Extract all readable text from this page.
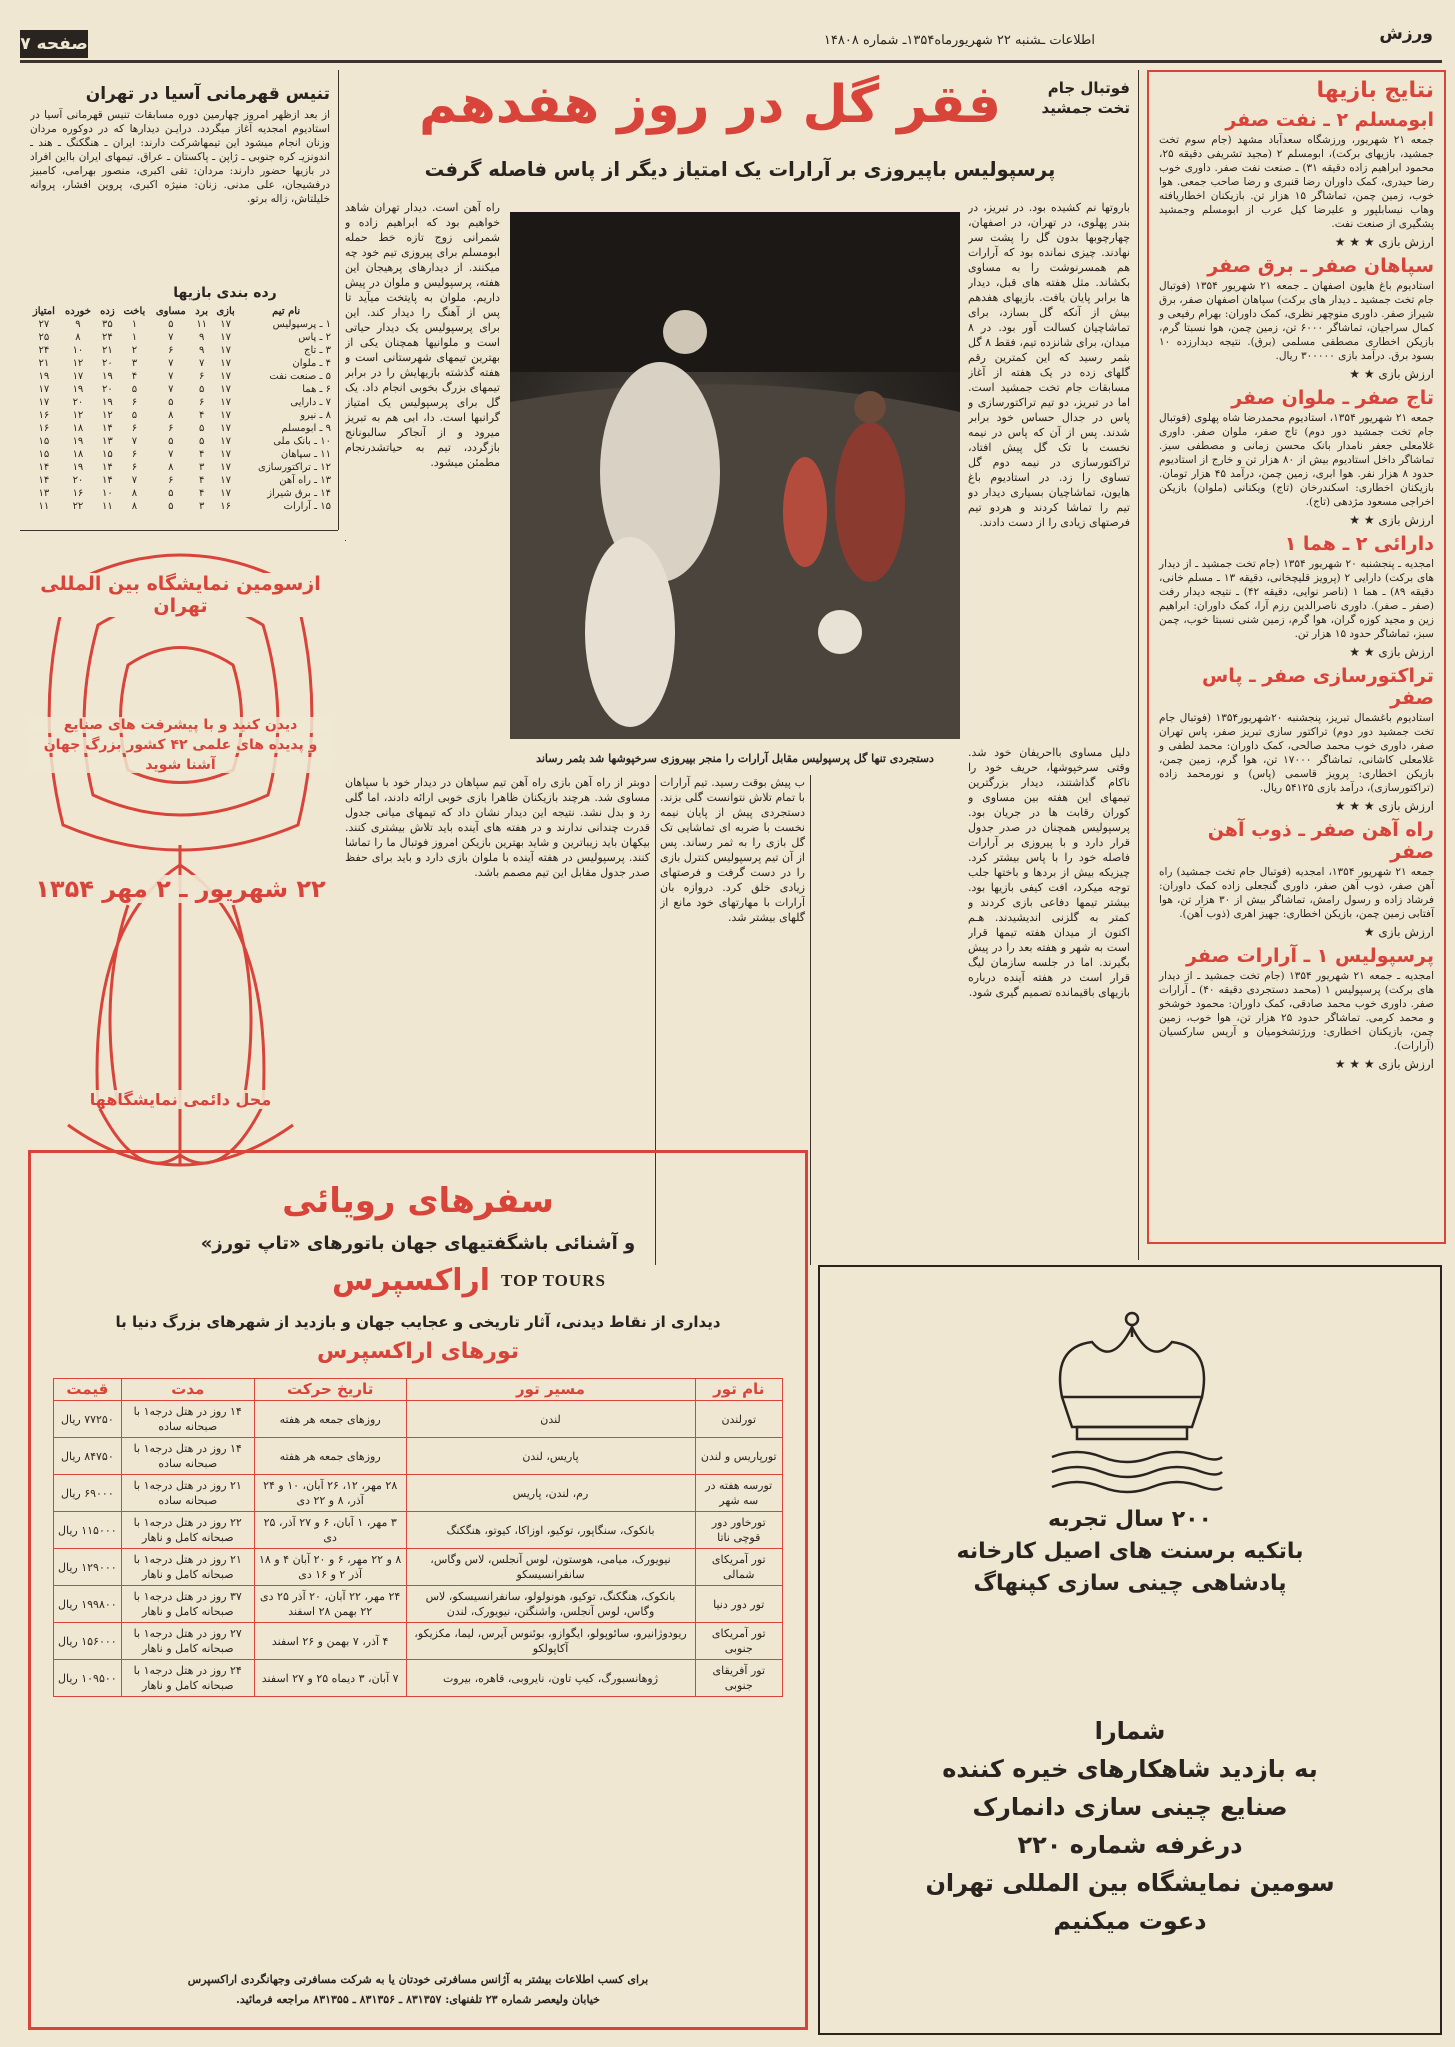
ورزش
اطلاعات ـشنبه ۲۲ شهریورماه۱۳۵۴ـ شماره ۱۴۸۰۸
صفحه ۷
نتایج بازیها
ابومسلم ۲ ـ نفت صفر
جمعه ۲۱ شهریور، ورزشگاه سعدآباد مشهد (جام سوم تخت جمشید، بازیهای برکت)، ابومسلم ۲ (مجید تشریفی دقیقه ۲۵، محمود ابراهیم زاده دقیقه ۳۱) ـ صنعت نفت صفر. داوری خوب رضا حیدری، کمک داوران رضا قنبری و رضا صاحب جمعی. هوا خوب، زمین چمن، تماشاگر ۱۵ هزار تن. بازیکنان اخطاریافته وهاب نیسابلپور و علیرضا کیل عرب از ابومسلم وجمشید پشگیری از صنعت نفت.
ارزش بازی ★ ★ ★
سپاهان صفر ـ برق صفر
استادیوم باغ هایون اصفهان ـ جمعه ۲۱ شهریور ۱۳۵۴ (فوتبال جام تخت جمشید ـ دیدار های برکت) سپاهان اصفهان صفر، برق شیراز صفر. داوری منوچهر نظری، کمک داوران: بهرام رفیعی و کمال سراجیان، تماشاگر ۶۰۰۰ تن، زمین چمن، هوا نسبتا گرم، بازیکن اخطاری مصطفی مسلمی (برق). نتیجه دیدارزده ۱۰ بسود برق. درآمد بازی ۳۰۰۰۰۰ ریال.
ارزش بازی ★ ★
تاج صفر ـ ملوان صفر
جمعه ۲۱ شهریور ۱۳۵۴، استادیوم محمدرضا شاه پهلوی (فوتبال جام تخت جمشید دور دوم) تاج صفر، ملوان صفر. داوری غلامعلی جعفر نامدار بانک محسن زمانی و مصطفی سیز. تماشاگر داخل استادیوم بیش از ۸۰ هزار تن و خارج از استادیوم حدود ۸ هزار نفر. هوا ابری، زمین چمن، درآمد ۴۵ هزار تومان. بازیکنان اخطاری: اسکندرخان (تاج) ویکنانی (ملوان) بازیکن اخراجی مسعود مژدهی (تاج).
ارزش بازی ★ ★
دارائی ۲ ـ هما ۱
امجدیه ـ پنجشنبه ۲۰ شهریور ۱۳۵۴ (جام تخت جمشید ـ از دیدار های برکت) دارایی ۲ (پرویز قلیچخانی، دقیقه ۱۳ ـ مسلم خانی، دقیقه ۸۹) ـ هما ۱ (ناصر نوایی، دقیقه ۴۲) ـ نتیجه دیدار رفت (صفر ـ صفر). داوری ناصرالدین رزم آرا، کمک داوران: ابراهیم زین و مجید کوزه گران، هوا گرم، زمین شنی نسبتا خوب، چمن سبز، تماشاگر حدود ۱۵ هزار تن.
ارزش بازی ★ ★
تراکتورسازی صفر ـ پاس صفر
استادیوم باغشمال تبریز، پنجشنبه ۲۰شهریور۱۳۵۴ (فوتبال جام تخت جمشید دور دوم) تراکتور سازی تبریز صفر، پاس تهران صفر، داوری خوب محمد صالحی، کمک داوران: محمد لطفی و غلامعلی کاشانی، تماشاگر ۱۷۰۰۰ تن، هوا گرم، زمین چمن، بازیکن اخطاری: پرویز قاسمی (پاس) و نورمحمد زاده (تراکتورسازی)، درآمد بازی ۵۴۱۲۵ ریال.
ارزش بازی ★ ★ ★
راه آهن صفر ـ ذوب آهن صفر
جمعه ۲۱ شهریور ۱۳۵۴، امجدیه (فوتبال جام تخت جمشید) راه آهن صفر، ذوب آهن صفر، داوری گنجعلی زاده کمک داوران: فرشاد زاده و رسول رامش، تماشاگر بیش از ۳۰ هزار تن، هوا آفتابی زمین چمن، بازیکن اخطاری: جهیز اهری (ذوب آهن).
ارزش بازی ★
پرسپولیس ۱ ـ آرارات صفر
امجدیه ـ جمعه ۲۱ شهریور ۱۳۵۴ (جام تخت جمشید ـ از دیدار های برکت) پرسپولیس ۱ (محمد دستجردی دقیقه ۴۰) ـ آرارات صفر. داوری خوب محمد صادقی، کمک داوران: محمود خوشخو و محمد کرمی. تماشاگر حدود ۲۵ هزار تن، هوا خوب، زمین چمن، بازیکنان اخطاری: ورژتشخومیان و آریس سارکسیان (آرارات).
ارزش بازی ★ ★ ★
تنیس قهرمانی آسیا در تهران
از بعد ازظهر امروز چهارمین دوره مسابقات تنیس قهرمانی آسیا در استادیوم امجدیه آغاز میگردد. درایـن دیدارها که در دوکوره مردان وزنان انجام میشود این تیمهاشرکت دارند: ایران ـ هنگکنگ ـ هند ـ اندونزیـ کره جنوبی ـ ژاپن ـ پاکستان ـ عراق. تیمهای ایران بااین افراد در بازیها حضور دارند: مردان: تقی اکبری، منصور بهرامی، کامبیز درفشیجان، علی مدنی. زنان: منیژه اکبری، پروین افشار، پروانه خلیلتاش، زاله برتو.
رده بندی بازیها
نام تیم	بازی	برد	مساوی	باخت	زده	خورده	امتیاز
۱ ـ پرسپولیس	۱۷	۱۱	۵	۱	۳۵	۹	۲۷
۲ ـ پاس	۱۷	۹	۷	۱	۲۴	۸	۲۵
۳ ـ تاج	۱۷	۹	۶	۲	۲۱	۱۰	۲۴
۴ ـ ملوان	۱۷	۷	۷	۳	۲۰	۱۲	۲۱
۵ ـ صنعت نفت	۱۷	۶	۷	۴	۱۹	۱۷	۱۹
۶ ـ هما	۱۷	۵	۷	۵	۲۰	۱۹	۱۷
۷ ـ دارایی	۱۷	۶	۵	۶	۱۹	۲۰	۱۷
۸ ـ نیرو	۱۷	۴	۸	۵	۱۲	۱۲	۱۶
۹ ـ ابومسلم	۱۷	۵	۶	۶	۱۴	۱۸	۱۶
۱۰ ـ بانک ملی	۱۷	۵	۵	۷	۱۳	۱۹	۱۵
۱۱ ـ سپاهان	۱۷	۴	۷	۶	۱۵	۱۸	۱۵
۱۲ ـ تراکتورسازی	۱۷	۳	۸	۶	۱۴	۱۹	۱۴
۱۳ ـ راه آهن	۱۷	۴	۶	۷	۱۴	۲۰	۱۴
۱۴ ـ برق شیراز	۱۷	۴	۵	۸	۱۰	۱۶	۱۳
۱۵ ـ آرارات	۱۶	۳	۵	۸	۱۱	۲۲	۱۱
فوتبال جام تخت جمشید
فقر گل در روز هفدهم
پرسپولیس باپیروزی بر آرارات یک امتیاز دیگر از پاس فاصله گرفت
باروتها نم کشیده بود. در تبریز، در بندر پهلوی، در تهران، در اصفهان، چهارچوبها بدون گل را پشت سر نهادند. چیزی نمانده بود که آرارات هم همسرنوشت را به مساوی بکشاند. مثل هفته های قبل، دیدار ها برابر پایان یافت. بازیهای هفدهم بیش از آنکه گل بسازد، برای تماشاچیان کسالت آور بود. در ۸ میدان، برای شانزده تیم، فقط ۸ گل بثمر رسید که این کمترین رقم گلهای زده در یک هفته از آغاز مسابقات جام تخت جمشید است. اما در تبریز، دو تیم تراکتورسازی و پاس در جدال حساس خود برابر شدند. پس از آن که پاس در نیمه نخست با تک گل پیش افتاد، تراکتورسازی در نیمه دوم گل تساوی را زد. در استادیوم باغ هایون، تماشاچیان بسیاری دیدار دو تیم را تماشا کردند و هردو تیم فرصتهای زیادی را از دست دادند.
راه آهن است. دیدار تهران شاهد خواهیم بود که ابراهیم زاده و شمرانی زوج تازه خط حمله ابومسلم برای پیروزی تیم خود چه میکنند. از دیدارهای پرهیجان این هفته، پرسپولیس و ملوان در پیش داریم. ملوان به پایتخت میآید تا پس از آهنگ را دیدار کند. این برای پرسپولیس یک دیدار حیاتی است و ملوانیها همچنان یکی از بهترین تیمهای شهرستانی است و هفته گذشته بازیهایش را در برابر تیمهای بزرگ بخوبی انجام داد. یک گل برای پرسپولیس یک امتیاز گرانبها است. دا، ابی هم به تبریز میرود و از آنجاکر سالبونانج بازگردد، تیم به حیاتشدرنجام مطمئن میشود.
دستجردی تنها گل پرسپولیس مقابل آرارات را منجر بپیروزی سرخپوشها شد بثمر رساند	دلیل مساوی بااحریفان خود شد. وقتی سرخپوشها، حریف خود را ناکام گذاشتند، دیدار بزرگترین تیمهای این هفته بین مساوی و کوران رقابت ها در جریان بود. پرسپولیس همچنان در صدر جدول قرار دارد و با پیروزی بر آرارات فاصله خود را با پاس بیشتر کرد. چیزیکه بیش از بردها و باختها جلب توجه میکرد، افت کیفی بازیها بود. بیشتر تیمها دفاعی بازی کردند و کمتر به گلزنی اندیشیدند. هـم اکنون از میدان هفته تیمها قرار است به شهر و هفته بعد را در پیش بگیرند. اما در جلسه سازمان لیگ قرار است در هفته آینده درباره بازیهای باقیمانده تصمیم گیری شود.
ب پیش بوقت رسید. تیم آرارات با تمام تلاش نتوانست گلی بزند. دستجردی پیش از پایان نیمه نخست با ضربه ای تماشایی تک گل بازی را به ثمر رساند. پس از آن تیم پرسپولیس کنترل بازی را در دست گرفت و فرصتهای زیادی خلق کرد. دروازه بان آرارات با مهارتهای خود مانع از گلهای بیشتر شد.
دوبتر از راه آهن بازی راه آهن تیم سپاهان در دیدار خود با سپاهان مساوی شد. هرچند بازیکنان ظاهرا بازی خوبی ارائه دادند، اما گلی رد و بدل نشد. نتیجه این دیدار نشان داد که تیمهای میانی جدول قدرت چندانی ندارند و در هفته های آینده باید تلاش بیشتری کنند. بیکهان باید زیباترین و شاید بهترین بازیکن امروز فوتبال ما را تماشا کنند. پرسپولیس در هفته آینده با ملوان بازی دارد و باید برای حفظ صدر جدول مقابل این تیم مصمم باشد.
ازسومین نمایشگاه بین المللی تهران
دیدن کنید و با پیشرفت های صنایع
و پدیده های علمی ۴۲ کشور بزرگ جهان
آشنا شوید
۲۲ شهریور ـ ۲ مهر ۱۳۵۴
محل دائمی نمایشگاهها
سفرهای رویائی
و آشنائی باشگفتیهای جهان باتورهای «تاپ تورز»
اراکسپرس TOP TOURS
دیداری از نقاط دیدنی، آثار تاریخی و عجایب جهان و بازدید از شهرهای بزرگ دنیا با
تورهای اراکسپرس
نام تور	مسیر تور	تاریخ حرکت	مدت	قیمت
تورلندن	لندن	روزهای جمعه هر هفته	۱۴ روز در هتل درجه۱ با صبحانه ساده	۷۷۲۵۰ ریال
تورپاریس و لندن	پاریس، لندن	روزهای جمعه هر هفته	۱۴ روز در هتل درجه۱ با صبحانه ساده	۸۴۷۵۰ ریال
تورسه هفته در سه شهر	رم، لندن، پاریس	۲۸ مهر، ۱۲، ۲۶ آبان، ۱۰ و ۲۴ آذر، ۸ و ۲۲ دی	۲۱ روز در هتل درجه۱ با صبحانه ساده	۶۹۰۰۰ ریال
تورخاور دور قوچی ناتا	بانکوک، سنگاپور، توکیو، اوزاکا، کیوتو، هنگکنگ	۳ مهر، ۱ آبان، ۶ و ۲۷ آذر، ۲۵ دی	۲۲ روز در هتل درجه۱ با صبحانه کامل و ناهار	۱۱۵۰۰۰ ریال
تور آمریکای شمالی	نیویورک، میامی، هوستون، لوس آنجلس، لاس وگاس، سانفرانسیسکو	۸ و ۲۲ مهر، ۶ و ۲۰ آبان ۴ و ۱۸ آذر ۲ و ۱۶ دی	۲۱ روز در هتل درجه۱ با صبحانه کامل و ناهار	۱۲۹۰۰۰ ریال
تور دور دنیا	بانکوک، هنگکنگ، توکیو، هونولولو، سانفرانسیسکو، لاس وگاس، لوس آنجلس، واشنگتن، نیویورک، لندن	۲۴ مهر، ۲۲ آبان، ۲۰ آذر ۲۵ دی ۲۲ بهمن ۲۸ اسفند	۳۷ روز در هتل درجه۱ با صبحانه کامل و ناهار	۱۹۹۸۰۰ ریال
تور آمریکای جنوبی	ریودوژانیرو، سائوپولو، ایگوازو، بوئنوس آیرس، لیما، مکزیکو، آکاپولکو	۴ آذر، ۷ بهمن و ۲۶ اسفند	۲۷ روز در هتل درجه۱ با صبحانه کامل و ناهار	۱۵۶۰۰۰ ریال
تور آفریقای جنوبی	ژوهانسبورگ، کیپ تاون، نایروبی، قاهره، بیروت	۷ آبان، ۳ دیماه ۲۵ و ۲۷ اسفند	۲۴ روز در هتل درجه۱ با صبحانه کامل و ناهار	۱۰۹۵۰۰ ریال
برای کسب اطلاعات بیشتر به آژانس مسافرتی خودتان یا به شرکت مسافرتی وجهانگردی اراکسپرس
خیابان ولیعصر شماره ۲۳ تلفنهای: ۸۳۱۳۵۷ ـ ۸۳۱۳۵۶ ـ ۸۳۱۳۵۵ مراجعه فرمائید.
۲۰۰ سال تجربه
باتکیه برسنت های اصیل کارخانه
پادشاهی چینی سازی کپنهاگ
شمارا
به بازدید شاهکارهای خیره کننده
صنایع چینی سازی دانمارک
درغرفه شماره ۲۲۰
سومین نمایشگاه بین المللی تهران
دعوت میکنیم
